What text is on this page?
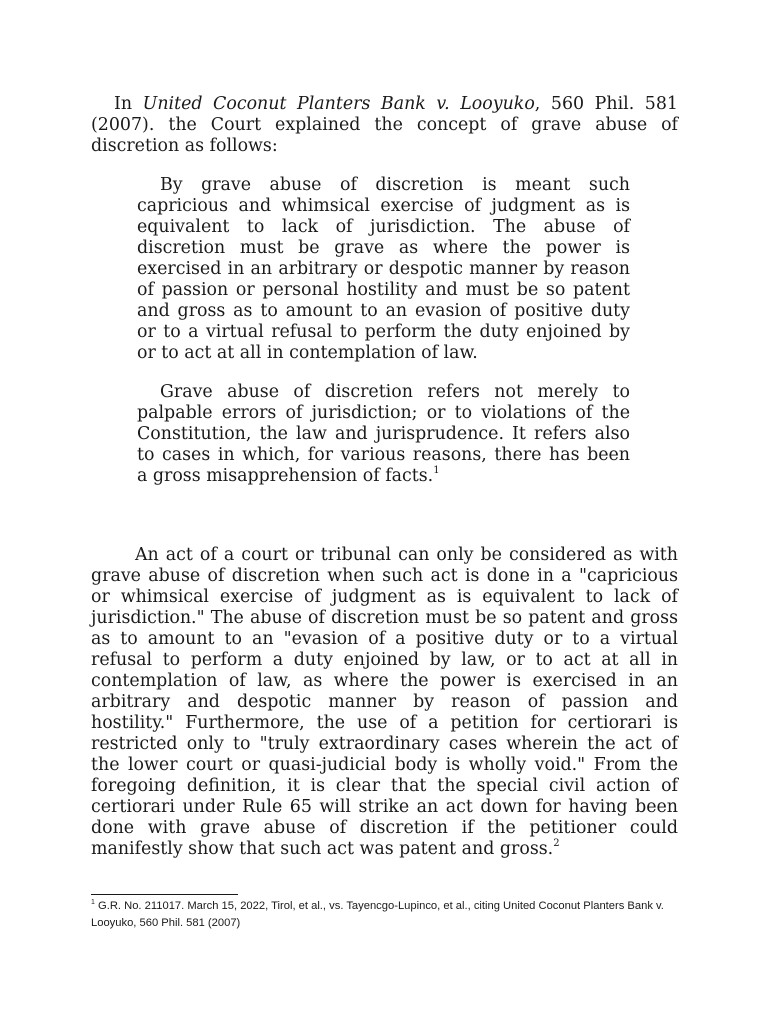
In United Coconut Planters Bank v. Looyuko, 560 Phil. 581
(2007). the Court explained the concept of grave abuse of
discretion as follows:
By grave abuse of discretion is meant such
capricious and whimsical exercise of judgment as is
equivalent to lack of jurisdiction. The abuse of
discretion must be grave as where the power is
exercised in an arbitrary or despotic manner by reason
of passion or personal hostility and must be so patent
and gross as to amount to an evasion of positive duty
or to a virtual refusal to perform the duty enjoined by
or to act at all in contemplation of law.
Grave abuse of discretion refers not merely to
palpable errors of jurisdiction; or to violations of the
Constitution, the law and jurisprudence. It refers also
to cases in which, for various reasons, there has been
a gross misapprehension of facts.$^1$
An act of a court or tribunal can only be considered as with
grave abuse of discretion when such act is done in a "capricious
or whimsical exercise of judgment as is equivalent to lack of
jurisdiction." The abuse of discretion must be so patent and gross
as to amount to an "evasion of a positive duty or to a virtual
refusal to perform a duty enjoined by law, or to act at all in
contemplation of law, as where the power is exercised in an
arbitrary and despotic manner by reason of passion and
hostility." Furthermore, the use of a petition for certiorari is
restricted only to "truly extraordinary cases wherein the act of
the lower court or quasi-judicial body is wholly void." From the
foregoing definition, it is clear that the special civil action of
certiorari under Rule 65 will strike an act down for having been
done with grave abuse of discretion if the petitioner could
manifestly show that such act was patent and gross.$^2$
$^1$ G.R. No. 211017. March 15, 2022, Tirol, et al., vs. Tayencgo-Lupinco, et al., citing United Coconut Planters Bank v.
Looyuko, 560 Phil. 581 (2007)
